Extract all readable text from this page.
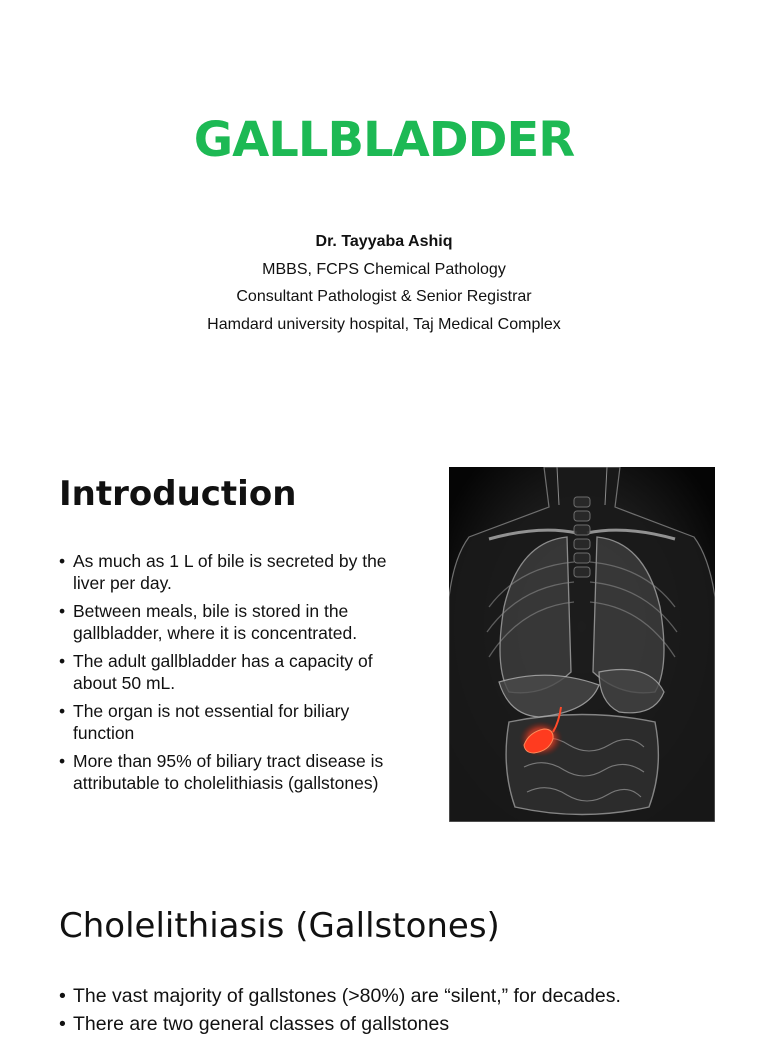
GALLBLADDER
Dr. Tayyaba Ashiq
MBBS, FCPS Chemical Pathology
Consultant Pathologist & Senior Registrar
Hamdard university hospital, Taj Medical Complex
Introduction
• As much as 1 L of bile is secreted by the liver per day.
• Between meals, bile is stored in the gallbladder, where it is concentrated.
• The adult gallbladder has a capacity of about 50 mL.
• The organ is not essential for biliary function
• More than 95% of biliary tract disease is attributable to cholelithiasis (gallstones)
Cholelithiasis (Gallstones)
• The vast majority of gallstones (>80%) are “silent,” for decades.
• There are two general classes of gallstones
